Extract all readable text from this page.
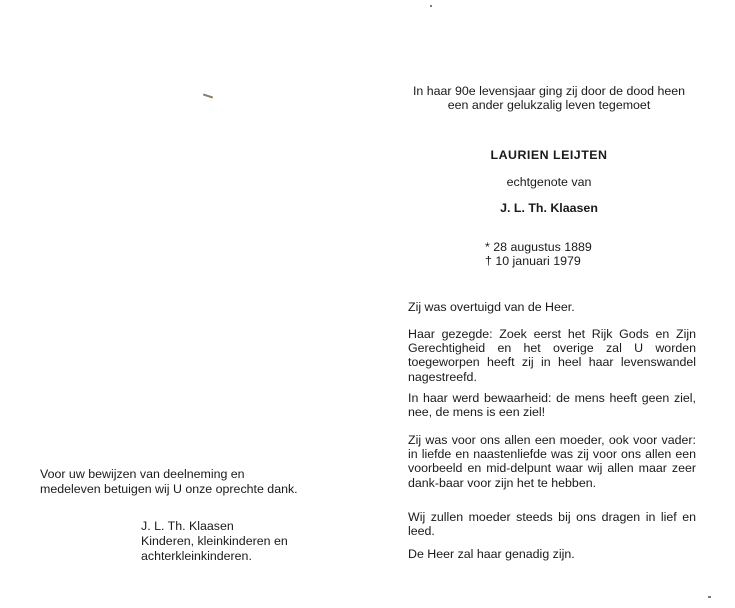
Voor uw bewijzen van deelneming en medeleven betuigen wij U onze oprechte dank.
J. L. Th. Klaasen
Kinderen, kleinkinderen en
achterkleinkinderen.
In haar 90e levensjaar ging zij door de dood heen een ander gelukzalig leven tegemoet
LAURIEN LEIJTEN
echtgenote van
J. L. Th. Klaasen
* 28 augustus 1889
† 10 januari 1979
Zij was overtuigd van de Heer.
Haar gezegde: Zoek eerst het Rijk Gods en Zijn Gerechtigheid en het overige zal U worden toegeworpen heeft zij in heel haar levenswandel nagestreefd.
In haar werd bewaarheid: de mens heeft geen ziel, nee, de mens is een ziel!
Zij was voor ons allen een moeder, ook voor vader: in liefde en naastenliefde was zij voor ons allen een voorbeeld en mid-delpunt waar wij allen maar zeer dank-baar voor zijn het te hebben.
Wij zullen moeder steeds bij ons dragen in lief en leed.
De Heer zal haar genadig zijn.
